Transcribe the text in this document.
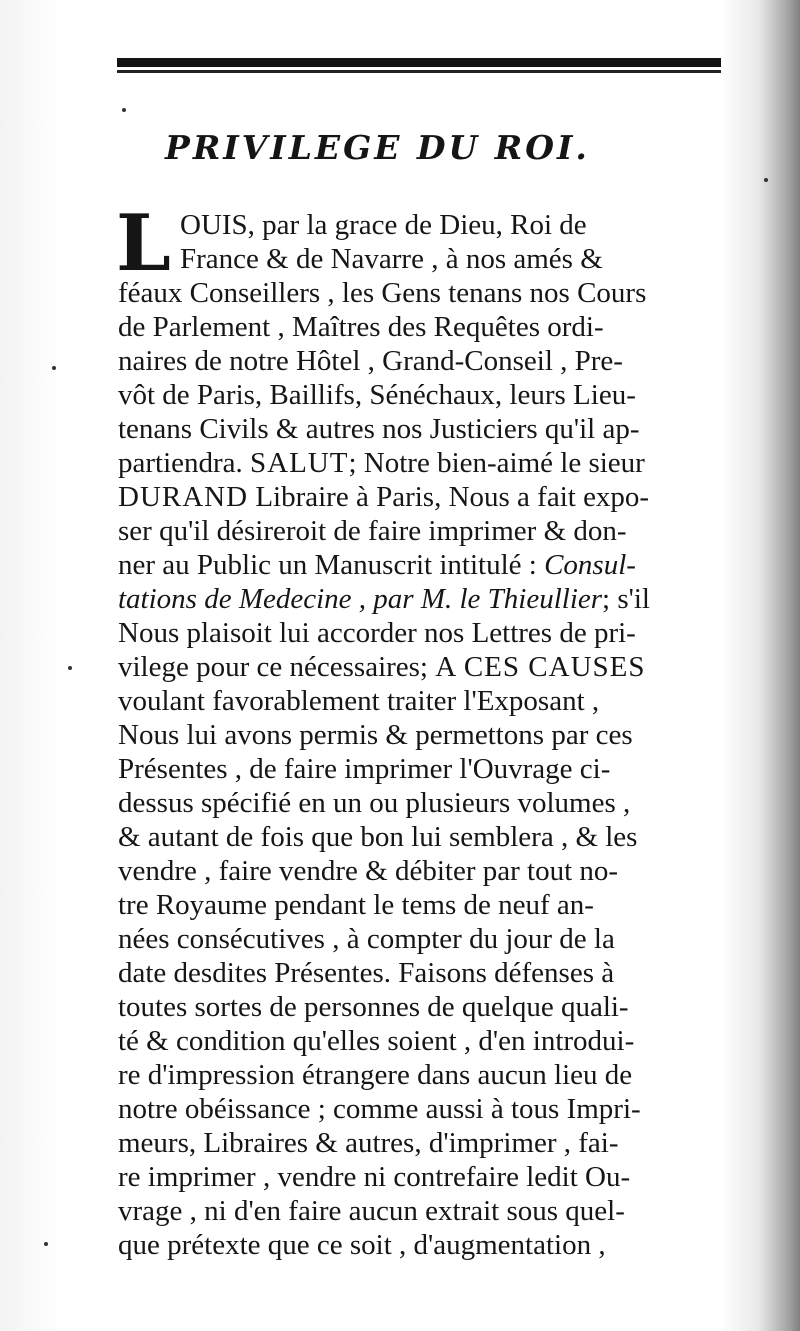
PRIVILEGE DU ROI.
L OUIS, par la grace de Dieu, Roi de
France & de Navarre , à nos amés &
féaux Conseillers , les Gens tenans nos Cours
de Parlement , Maîtres des Requêtes ordi-
naires de notre Hôtel , Grand-Conseil , Pre-
vôt de Paris, Baillifs, Sénéchaux, leurs Lieu-
tenans Civils & autres nos Justiciers qu'il ap-
partiendra. SALUT; Notre bien-aimé le sieur
DURAND Libraire à Paris, Nous a fait expo-
ser qu'il désireroit de faire imprimer & don-
ner au Public un Manuscrit intitulé : Consul-
tations de Medecine , par M. le Thieullier; s'il
Nous plaisoit lui accorder nos Lettres de pri-
vilege pour ce nécessaires; A CES CAUSES
voulant favorablement traiter l'Exposant ,
Nous lui avons permis & permettons par ces
Présentes , de faire imprimer l'Ouvrage ci-
dessus spécifié en un ou plusieurs volumes ,
& autant de fois que bon lui semblera , & les
vendre , faire vendre & débiter par tout no-
tre Royaume pendant le tems de neuf an-
nées consécutives , à compter du jour de la
date desdites Présentes. Faisons défenses à
toutes sortes de personnes de quelque quali-
té & condition qu'elles soient , d'en introdui-
re d'impression étrangere dans aucun lieu de
notre obéissance ; comme aussi à tous Impri-
meurs, Libraires & autres, d'imprimer , fai-
re imprimer , vendre ni contrefaire ledit Ou-
vrage , ni d'en faire aucun extrait sous quel-
que prétexte que ce soit , d'augmentation ,
